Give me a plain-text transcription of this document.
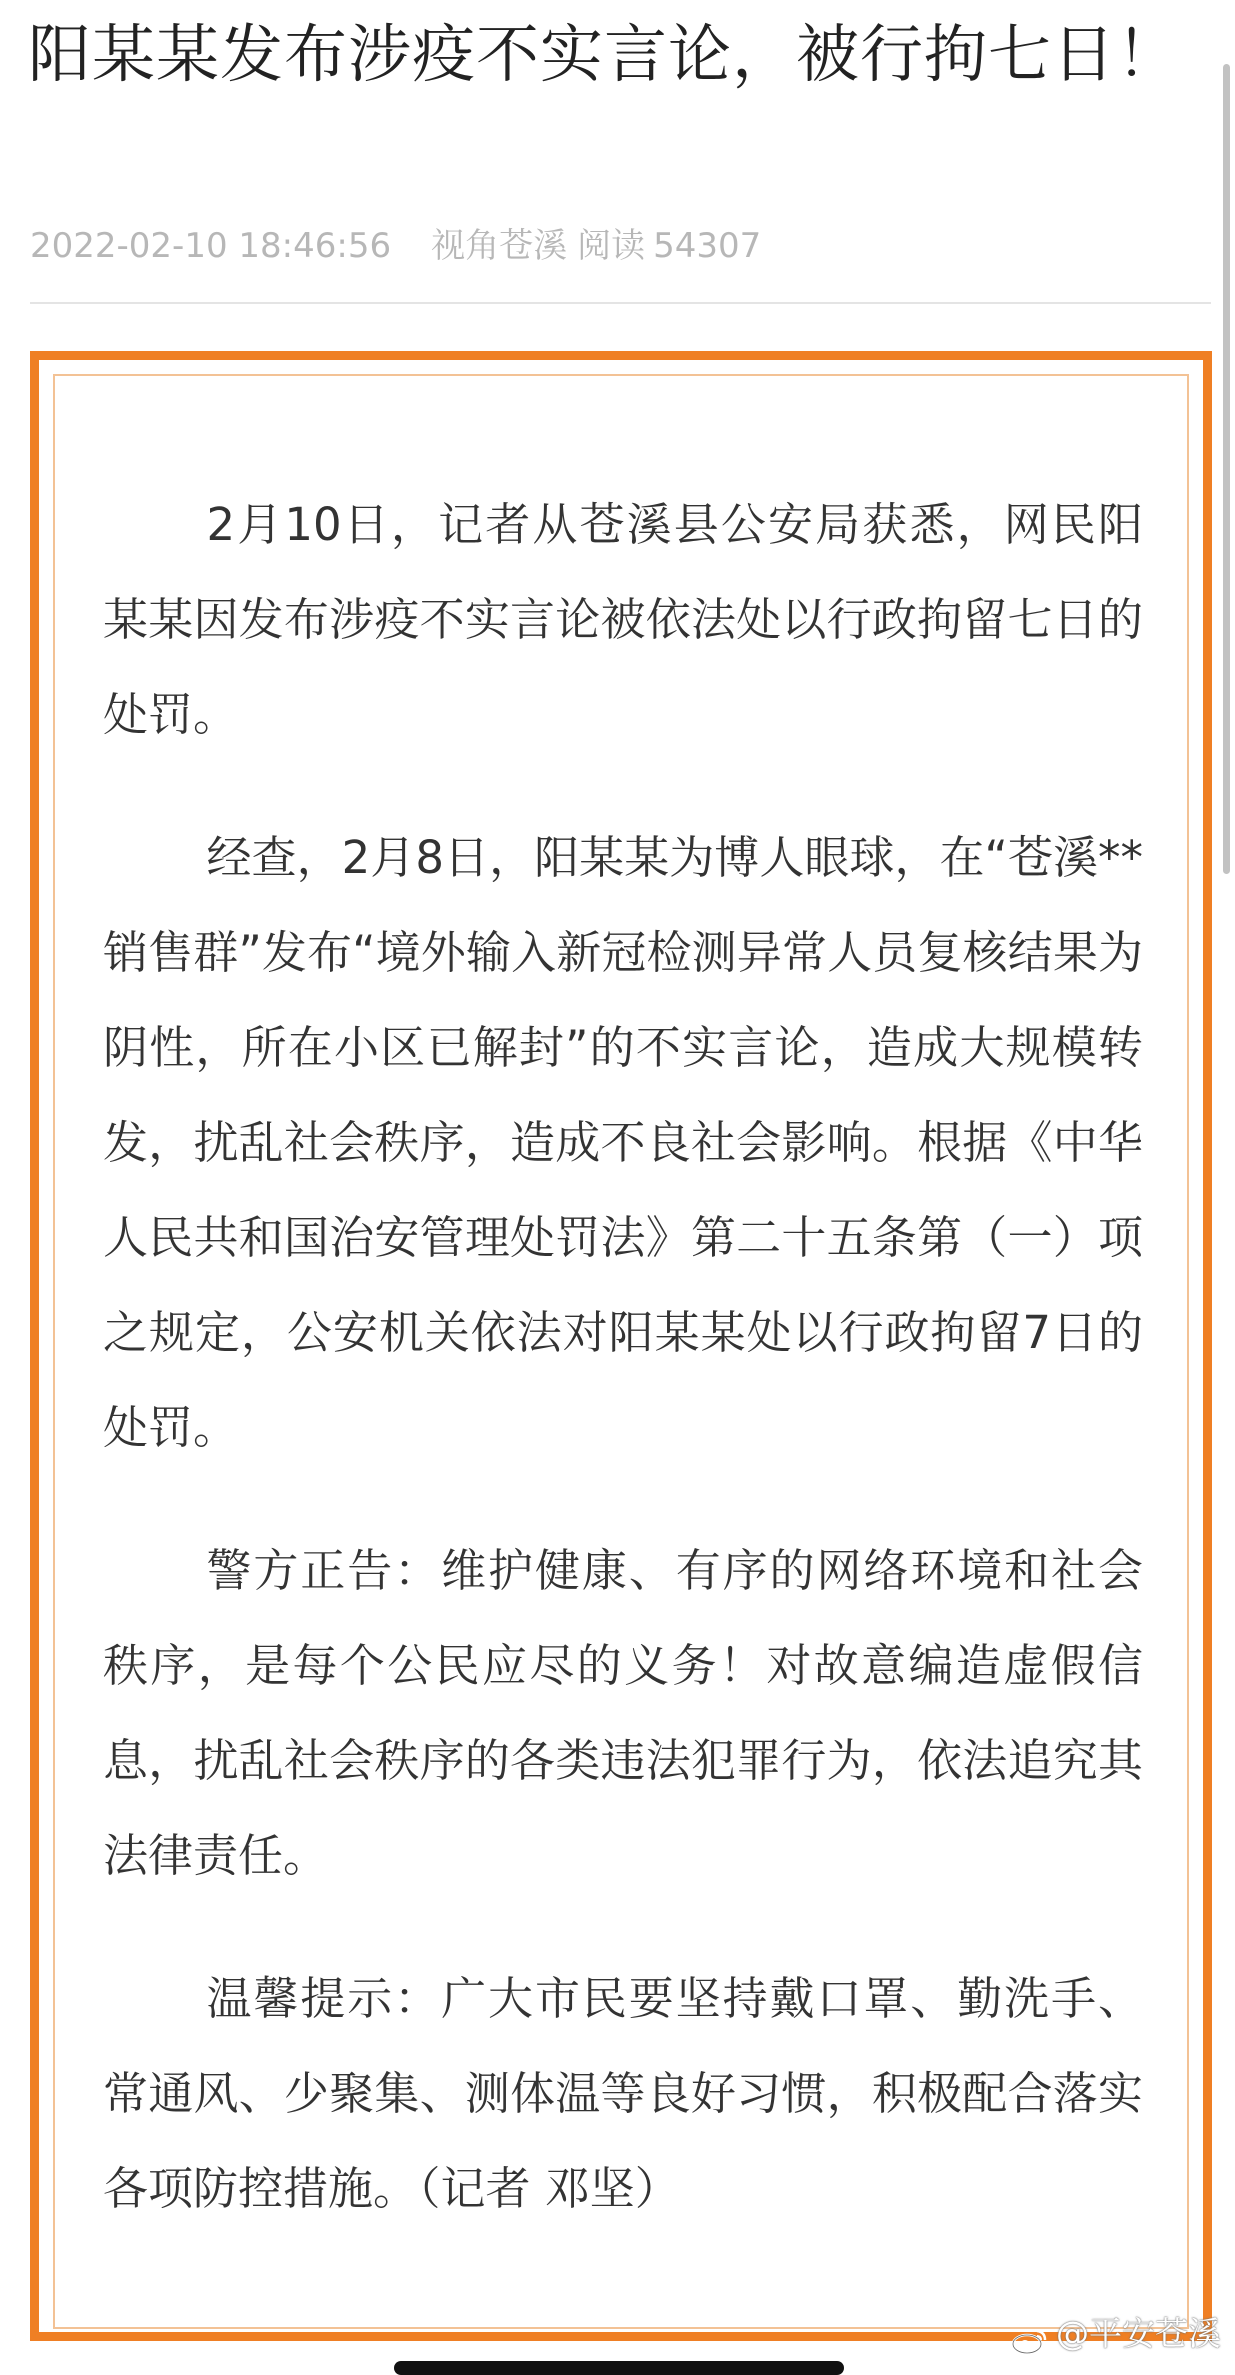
阳某某发布涉疫不实言论，被行拘七日！
2022-02-10 18:46:56 视角苍溪 阅读 54307

2月10日，记者从苍溪县公安局获悉，网民阳某某因发布涉疫不实言论被依法处以行政拘留七日的处罚。

经查，2月8日，阳某某为博人眼球，在“苍溪**销售群”发布“境外输入新冠检测异常人员复核结果为阴性，所在小区已解封”的不实言论，造成大规模转发，扰乱社会秩序，造成不良社会影响。根据《中华人民共和国治安管理处罚法》第二十五条第（一）项之规定，公安机关依法对阳某某处以行政拘留7日的处罚。

警方正告：维护健康、有序的网络环境和社会秩序，是每个公民应尽的义务！对故意编造虚假信息，扰乱社会秩序的各类违法犯罪行为，依法追究其法律责任。

温馨提示：广大市民要坚持戴口罩、勤洗手、常通风、少聚集、测体温等良好习惯，积极配合落实各项防控措施。（记者 邓坚）

@平安苍溪
